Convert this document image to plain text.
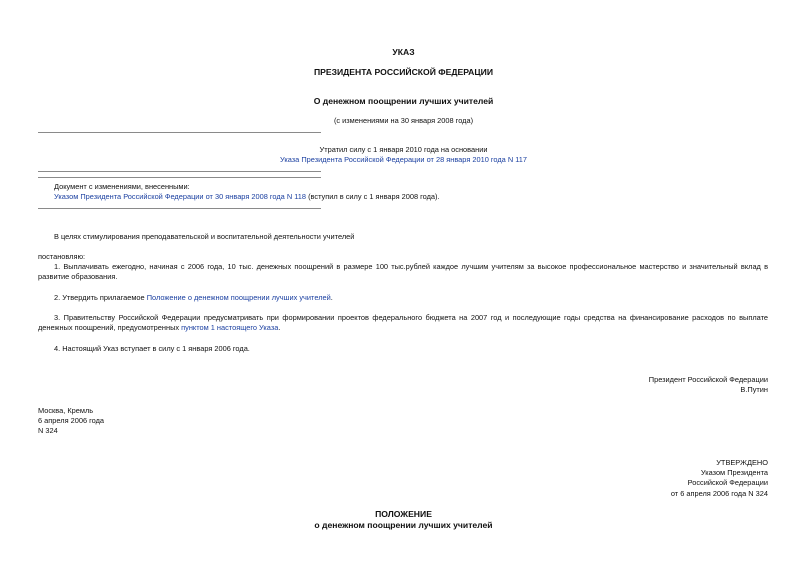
УКАЗ
ПРЕЗИДЕНТА РОССИЙСКОЙ ФЕДЕРАЦИИ
О денежном поощрении лучших учителей
(с изменениями на 30 января 2008 года)
Утратил силу с 1 января 2010 года на основании
Указа Президента Российской Федерации от 28 января 2010 года N 117
Документ с изменениями, внесенными:
Указом Президента Российской Федерации от 30 января 2008 года N 118 (вступил в силу с 1 января 2008 года).
В целях стимулирования преподавательской и воспитательной деятельности учителей
постановляю:
1. Выплачивать ежегодно, начиная с 2006 года, 10 тыс. денежных поощрений в размере 100 тыс.рублей каждое лучшим учителям за высокое профессиональное мастерство и значительный вклад в развитие образования.
2. Утвердить прилагаемое Положение о денежном поощрении лучших учителей.
3. Правительству Российской Федерации предусматривать при формировании проектов федерального бюджета на 2007 год и последующие годы средства на финансирование расходов по выплате денежных поощрений, предусмотренных пунктом 1 настоящего Указа.
4. Настоящий Указ вступает в силу с 1 января 2006 года.
Президент Российской Федерации
В.Путин
Москва, Кремль
6 апреля 2006 года
N 324
УТВЕРЖДЕНО
Указом Президента
Российской Федерации
от 6 апреля 2006 года N 324
ПОЛОЖЕНИЕ
о денежном поощрении лучших учителей
